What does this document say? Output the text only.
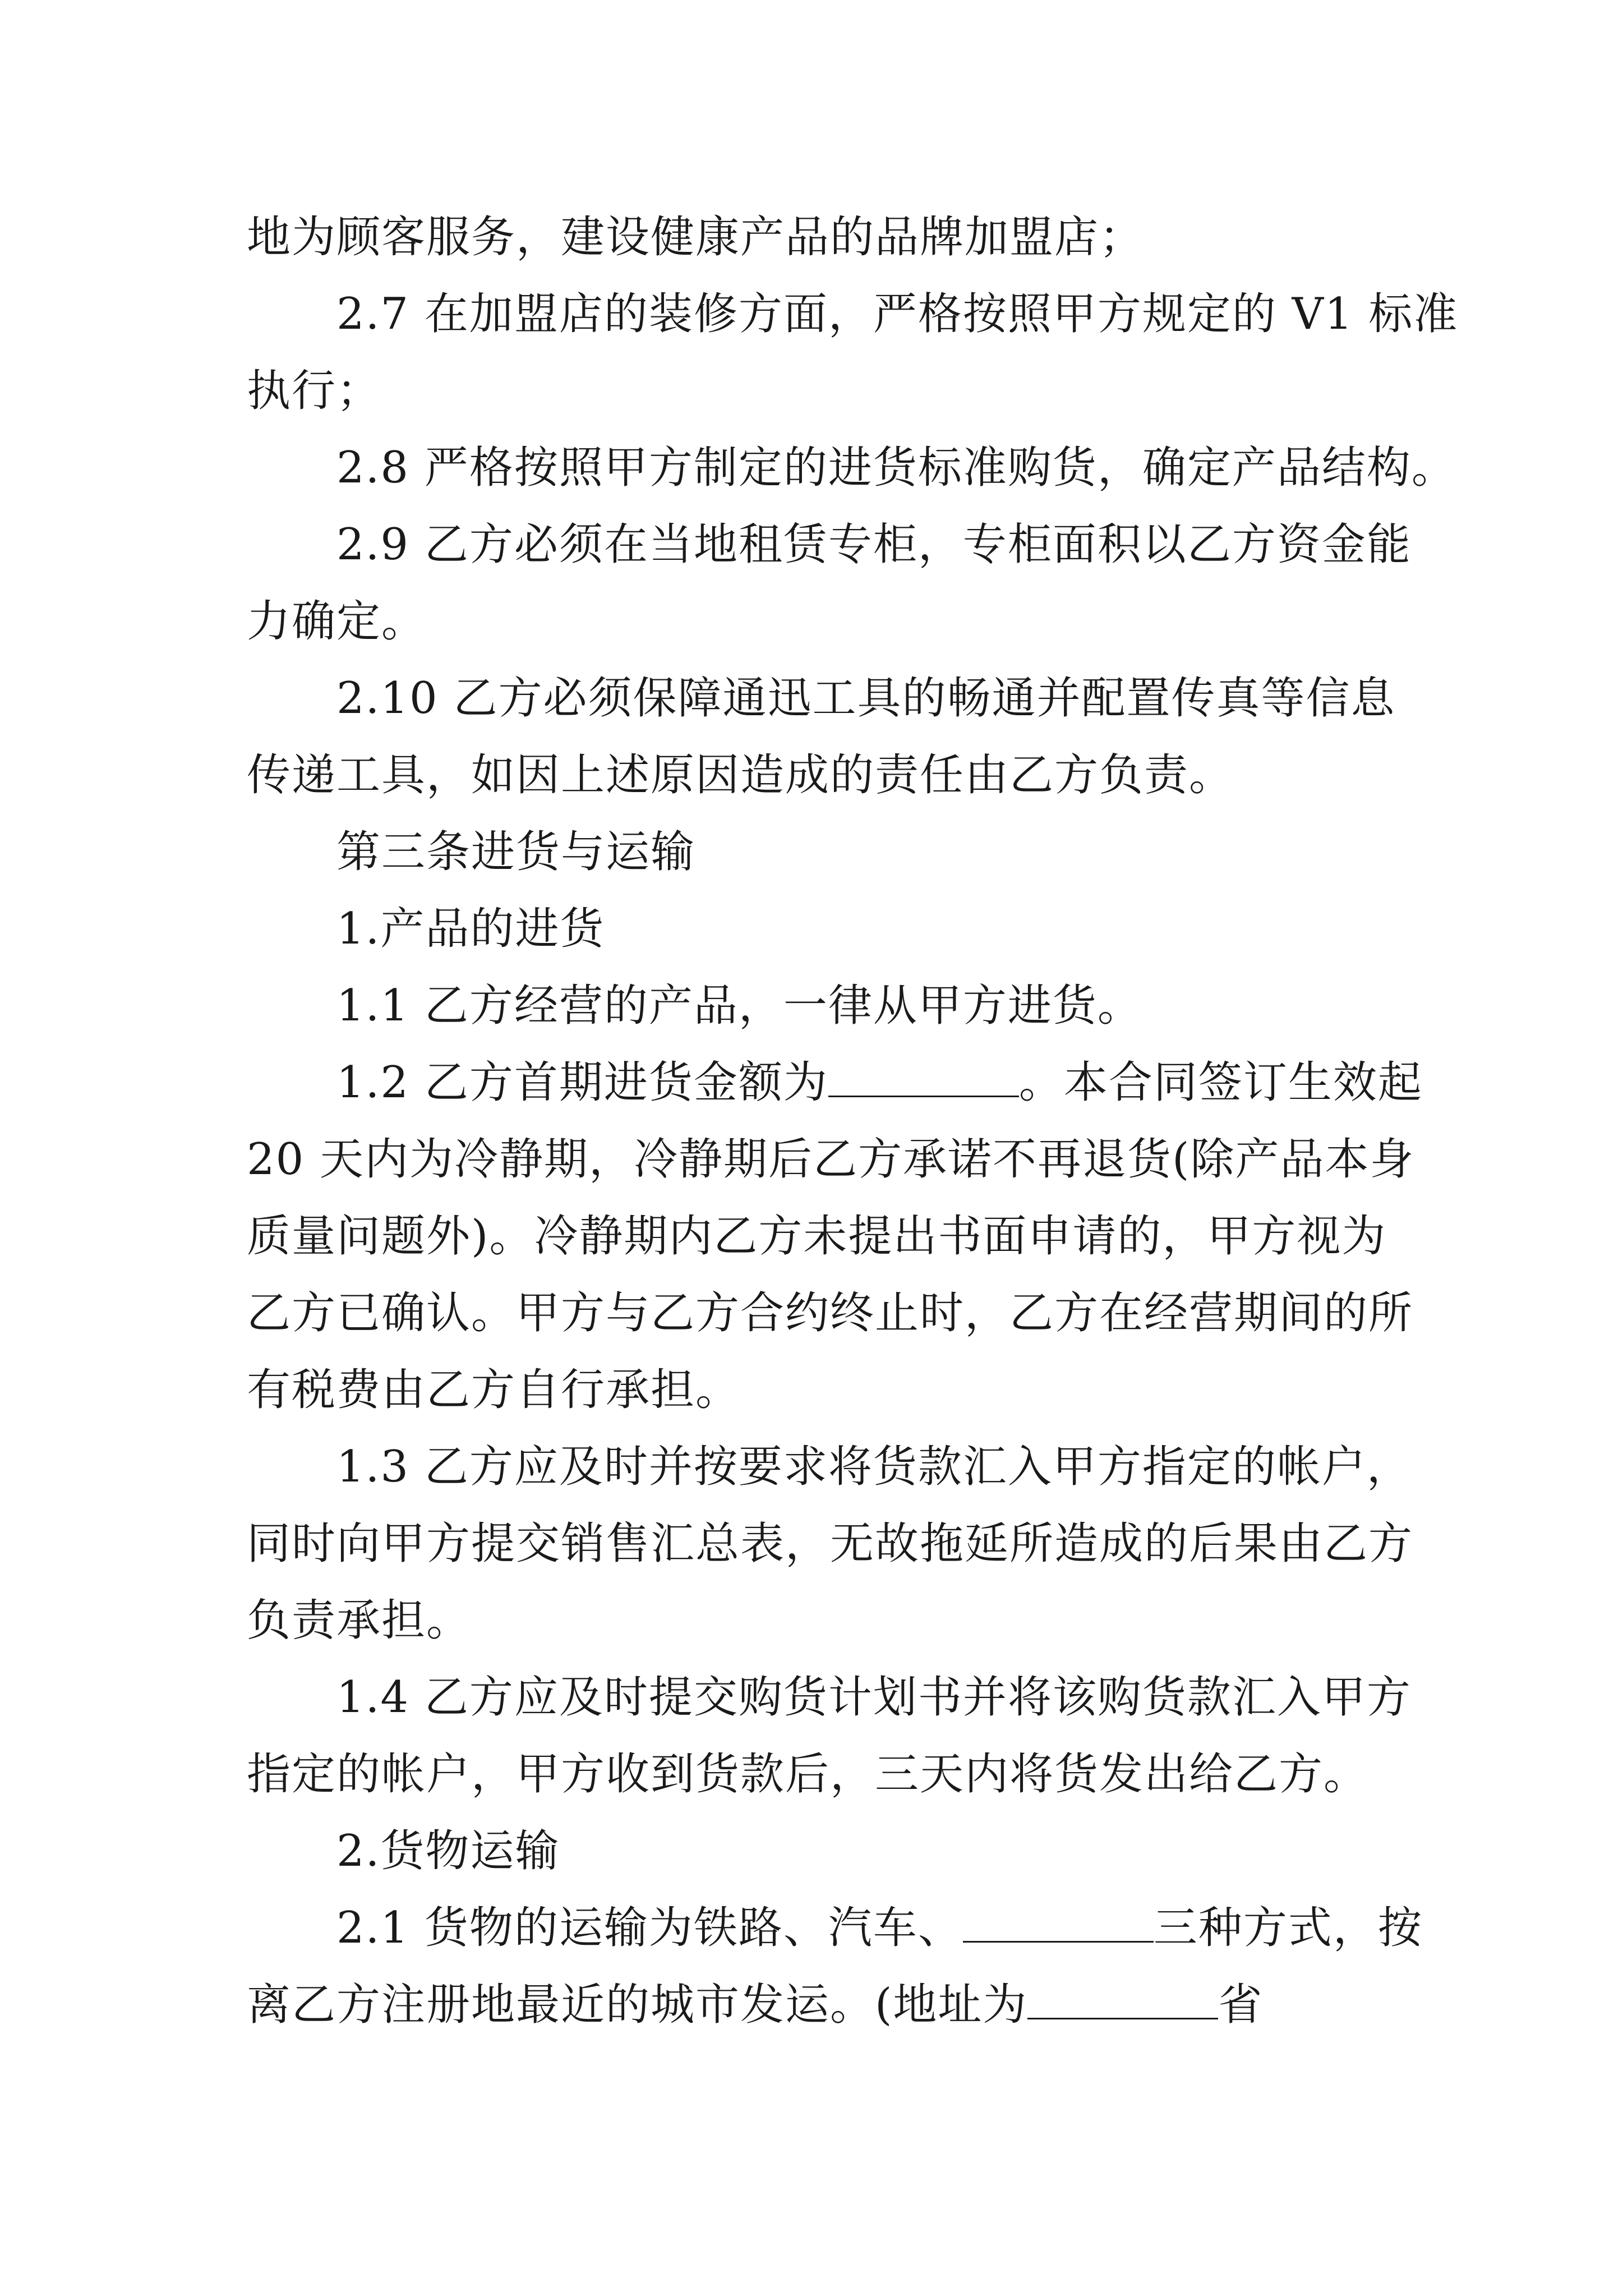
地为顾客服务，建设健康产品的品牌加盟店；
2.7 在加盟店的装修方面，严格按照甲方规定的 V1 标准
执行；
2.8 严格按照甲方制定的进货标准购货，确定产品结构。
2.9 乙方必须在当地租赁专柜，专柜面积以乙方资金能
力确定。
2.10 乙方必须保障通迅工具的畅通并配置传真等信息
传递工具，如因上述原因造成的责任由乙方负责。
第三条进货与运输
1.产品的进货
1.1 乙方经营的产品，一律从甲方进货。
1.2 乙方首期进货金额为	。本合同签订生效起
20 天内为冷静期，冷静期后乙方承诺不再退货(除产品本身
质量问题外)。冷静期内乙方未提出书面申请的，甲方视为
乙方已确认。甲方与乙方合约终止时，乙方在经营期间的所
有税费由乙方自行承担。
1.3 乙方应及时并按要求将货款汇入甲方指定的帐户，
同时向甲方提交销售汇总表，无故拖延所造成的后果由乙方
负责承担。
1.4 乙方应及时提交购货计划书并将该购货款汇入甲方
指定的帐户，甲方收到货款后，三天内将货发出给乙方。
2.货物运输
2.1 货物的运输为铁路、汽车、	三种方式，按
离乙方注册地最近的城市发运。(地址为	省
